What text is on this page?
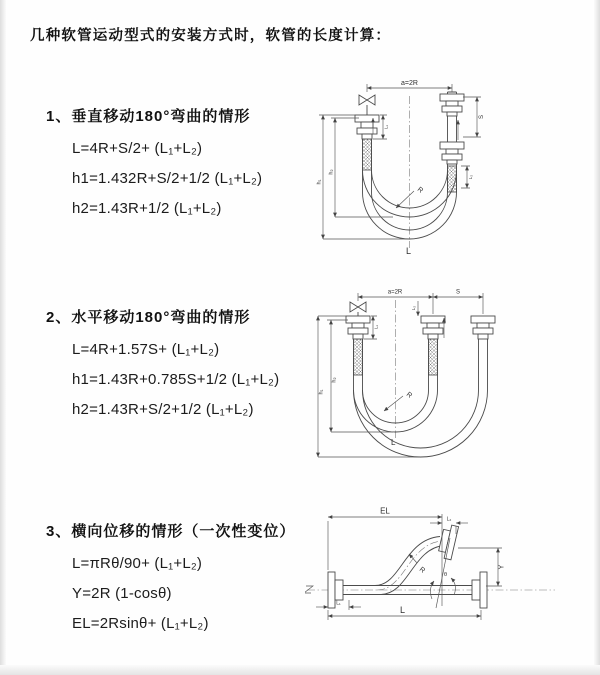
几种软管运动型式的安装方式时，软管的长度计算：
1、垂直移动180°弯曲的情形
L=4R+S/2+ (L₁+L₂)
h1=1.432R+S/2+1/2 (L₁+L₂)
h2=1.43R+1/2 (L₁+L₂)
2、水平移动180°弯曲的情形
L=4R+1.57S+ (L₁+L₂)
h1=1.43R+0.785S+1/2 (L₁+L₂)
h2=1.43R+S/2+1/2 (L₁+L₂)
3、横向位移的情形（一次性变位）
L=πRθ/90+ (L₁+L₂)
Y=2R (1-cosθ)
EL=2Rsinθ+ (L₁+L₂)
a=2R
S
L₂
L₁
h₁
h₂
R
L
a=2R	S
L₁
L₂
h₁
h₂
R
L
θ
R
EL
L₂
Y
L₁
L
